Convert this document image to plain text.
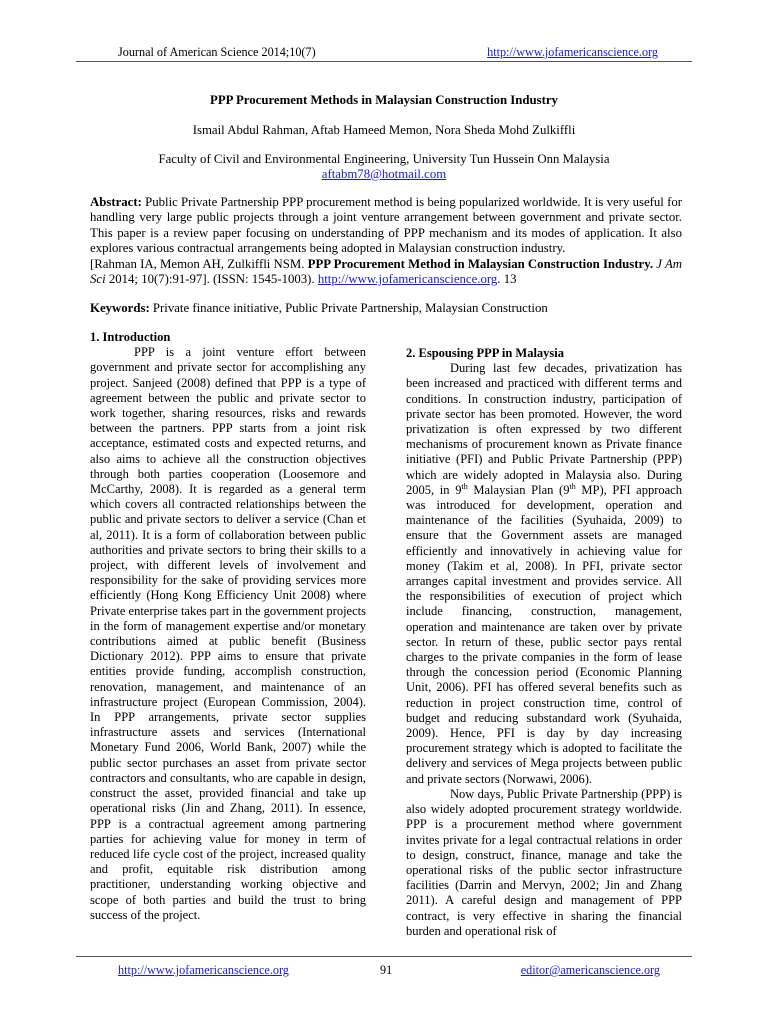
Journal of American Science 2014;10(7)	http://www.jofamericanscience.org
PPP Procurement Methods in Malaysian Construction Industry
Ismail Abdul Rahman, Aftab Hameed Memon, Nora Sheda Mohd Zulkiffli
Faculty of Civil and Environmental Engineering, University Tun Hussein Onn Malaysia
aftabm78@hotmail.com

Abstract: Public Private Partnership PPP procurement method is being popularized worldwide. It is very useful for handling very large public projects through a joint venture arrangement between government and private sector. This paper is a review paper focusing on understanding of PPP mechanism and its modes of application. It also explores various contractual arrangements being adopted in Malaysian construction industry.

[Rahman IA, Memon AH, Zulkiffli NSM. PPP Procurement Method in Malaysian Construction Industry. J Am Sci 2014; 10(7):91-97]. (ISSN: 1545-1003). http://www.jofamericanscience.org. 13

Keywords: Private finance initiative, Public Private Partnership, Malaysian Construction
1. Introduction

PPP is a joint venture effort between government and private sector for accomplishing any project. Sanjeed (2008) defined that PPP is a type of agreement between the public and private sector to work together, sharing resources, risks and rewards between the partners. PPP starts from a joint risk acceptance, estimated costs and expected returns, and also aims to achieve all the construction objectives through both parties cooperation (Loosemore and McCarthy, 2008). It is regarded as a general term which covers all contracted relationships between the public and private sectors to deliver a service (Chan et al, 2011). It is a form of collaboration between public authorities and private sectors to bring their skills to a project, with different levels of involvement and responsibility for the sake of providing services more efficiently (Hong Kong Efficiency Unit 2008) where Private enterprise takes part in the government projects in the form of management expertise and/or monetary contributions aimed at public benefit (Business Dictionary 2012). PPP aims to ensure that private entities provide funding, accomplish construction, renovation, management, and maintenance of an infrastructure project (European Commission, 2004). In PPP arrangements, private sector supplies infrastructure assets and services (International Monetary Fund 2006, World Bank, 2007) while the public sector purchases an asset from private sector contractors and consultants, who are capable in design, construct the asset, provided financial and take up operational risks (Jin and Zhang, 2011). In essence, PPP is a contractual agreement among partnering parties for achieving value for money in term of reduced life cycle cost of the project, increased quality and profit, equitable risk distribution among practitioner, understanding working objective and scope of both parties and build the trust to bring success of the project.

2. Espousing PPP in Malaysia

During last few decades, privatization has been increased and practiced with different terms and conditions. In construction industry, participation of private sector has been promoted. However, the word privatization is often expressed by two different mechanisms of procurement known as Private finance initiative (PFI) and Public Private Partnership (PPP) which are widely adopted in Malaysia also. During 2005, in 9th Malaysian Plan (9th MP), PFI approach was introduced for development, operation and maintenance of the facilities (Syuhaida, 2009) to ensure that the Government assets are managed efficiently and innovatively in achieving value for money (Takim et al, 2008). In PFI, private sector arranges capital investment and provides service. All the responsibilities of execution of project which include financing, construction, management, operation and maintenance are taken over by private sector. In return of these, public sector pays rental charges to the private companies in the form of lease through the concession period (Economic Planning Unit, 2006). PFI has offered several benefits such as reduction in project construction time, control of budget and reducing substandard work (Syuhaida, 2009). Hence, PFI is day by day increasing procurement strategy which is adopted to facilitate the delivery and services of Mega projects between public and private sectors (Norwawi, 2006).

Now days, Public Private Partnership (PPP) is also widely adopted procurement strategy worldwide. PPP is a procurement method where government invites private for a legal contractual relations in order to design, construct, finance, manage and take the operational risks of the public sector infrastructure facilities (Darrin and Mervyn, 2002; Jin and Zhang 2011). A careful design and management of PPP contract, is very effective in sharing the financial burden and operational risk of

http://www.jofamericanscience.org	91	editor@americanscience.org
